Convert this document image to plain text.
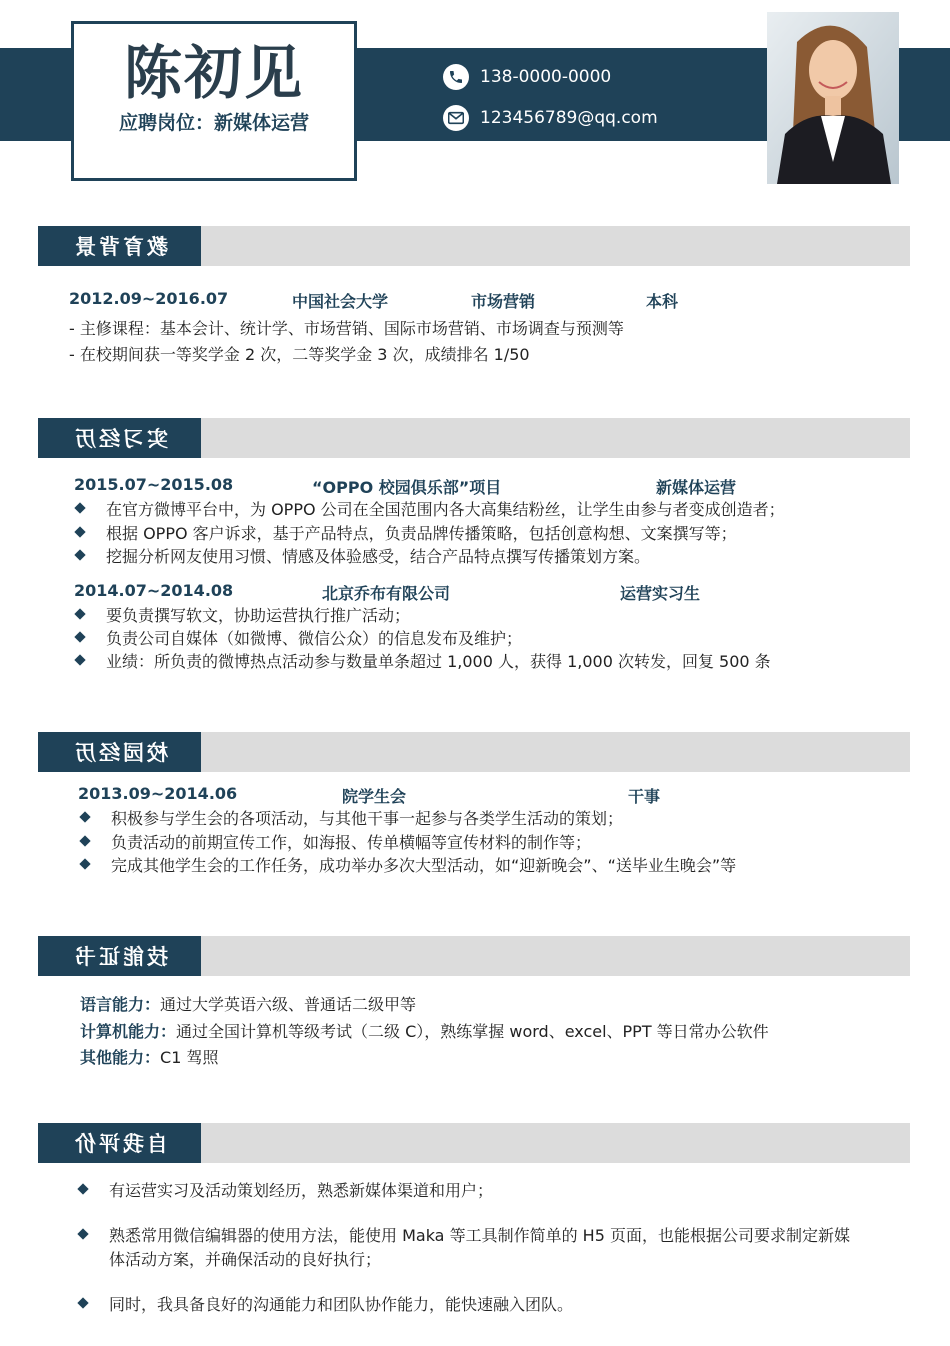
陈初见
应聘岗位：新媒体运营
138-0000-0000
123456789@qq.com
教育背景
2012.09~2016.07	中国社会大学	市场营销	本科
- 主修课程：基本会计、统计学、市场营销、国际市场营销、市场调查与预测等
- 在校期间获一等奖学金 2 次，二等奖学金 3 次，成绩排名 1/50
实习经历
2015.07~2015.08	“OPPO 校园俱乐部”项目	新媒体运营
在官方微博平台中，为 OPPO 公司在全国范围内各大高集结粉丝，让学生由参与者变成创造者；
根据 OPPO 客户诉求，基于产品特点，负责品牌传播策略，包括创意构想、文案撰写等；
挖掘分析网友使用习惯、情感及体验感受，结合产品特点撰写传播策划方案。
2014.07~2014.08	北京乔布有限公司	运营实习生
要负责撰写软文，协助运营执行推广活动；
负责公司自媒体（如微博、微信公众）的信息发布及维护；
业绩：所负责的微博热点活动参与数量单条超过 1,000 人，获得 1,000 次转发，回复 500 条
校园经历
2013.09~2014.06	院学生会	干事
积极参与学生会的各项活动，与其他干事一起参与各类学生活动的策划；
负责活动的前期宣传工作，如海报、传单横幅等宣传材料的制作等；
完成其他学生会的工作任务，成功举办多次大型活动，如“迎新晚会”、“送毕业生晚会”等
技能证书
语言能力：通过大学英语六级、普通话二级甲等
计算机能力：通过全国计算机等级考试（二级 C），熟练掌握 word、excel、PPT 等日常办公软件
其他能力：C1 驾照
自我评价
有运营实习及活动策划经历，熟悉新媒体渠道和用户；
熟悉常用微信编辑器的使用方法，能使用 Maka 等工具制作简单的 H5 页面，也能根据公司要求制定新媒
体活动方案，并确保活动的良好执行；
同时，我具备良好的沟通能力和团队协作能力，能快速融入团队。
